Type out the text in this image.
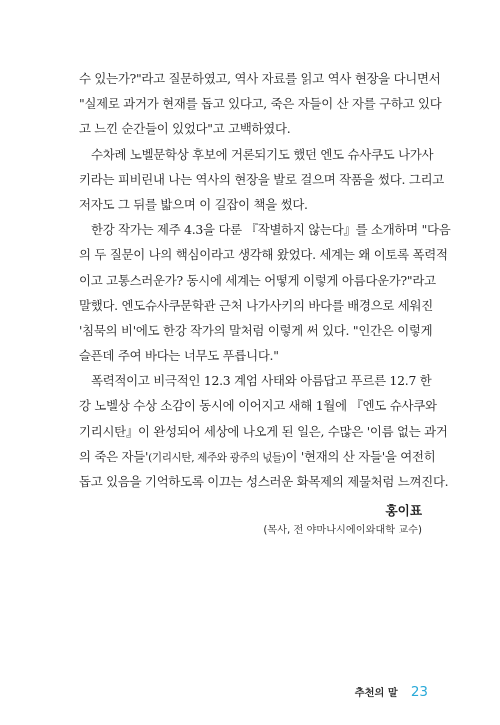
수 있는가?"라고 질문하였고, 역사 자료를 읽고 역사 현장을 다니면서
"실제로 과거가 현재를 돕고 있다고, 죽은 자들이 산 자를 구하고 있다
고 느낀 순간들이 있었다"고 고백하였다.
수차례 노벨문학상 후보에 거론되기도 했던 엔도 슈사쿠도 나가사
키라는 피비린내 나는 역사의 현장을 발로 걸으며 작품을 썼다. 그리고
저자도 그 뒤를 밟으며 이 길잡이 책을 썼다.
한강 작가는 제주 4.3을 다룬 『작별하지 않는다』를 소개하며 "다음
의 두 질문이 나의 핵심이라고 생각해 왔었다. 세계는 왜 이토록 폭력적
이고 고통스러운가? 동시에 세계는 어떻게 이렇게 아름다운가?"라고
말했다. 엔도슈사쿠문학관 근처 나가사키의 바다를 배경으로 세워진
'침묵의 비'에도 한강 작가의 말처럼 이렇게 써 있다. "인간은 이렇게
슬픈데 주여 바다는 너무도 푸릅니다."
폭력적이고 비극적인 12.3 계엄 사태와 아름답고 푸르른 12.7 한
강 노벨상 수상 소감이 동시에 이어지고 새해 1월에 『엔도 슈사쿠와
기리시탄』이 완성되어 세상에 나오게 된 일은, 수많은 '이름 없는 과거
의 죽은 자들'(기리시탄, 제주와 광주의 넋들)이 '현재의 산 자들'을 여전히
돕고 있음을 기억하도록 이끄는 성스러운 화목제의 제물처럼 느껴진다.
홍이표
(목사, 전 야마나시에이와대학 교수)
추천의 말 23
